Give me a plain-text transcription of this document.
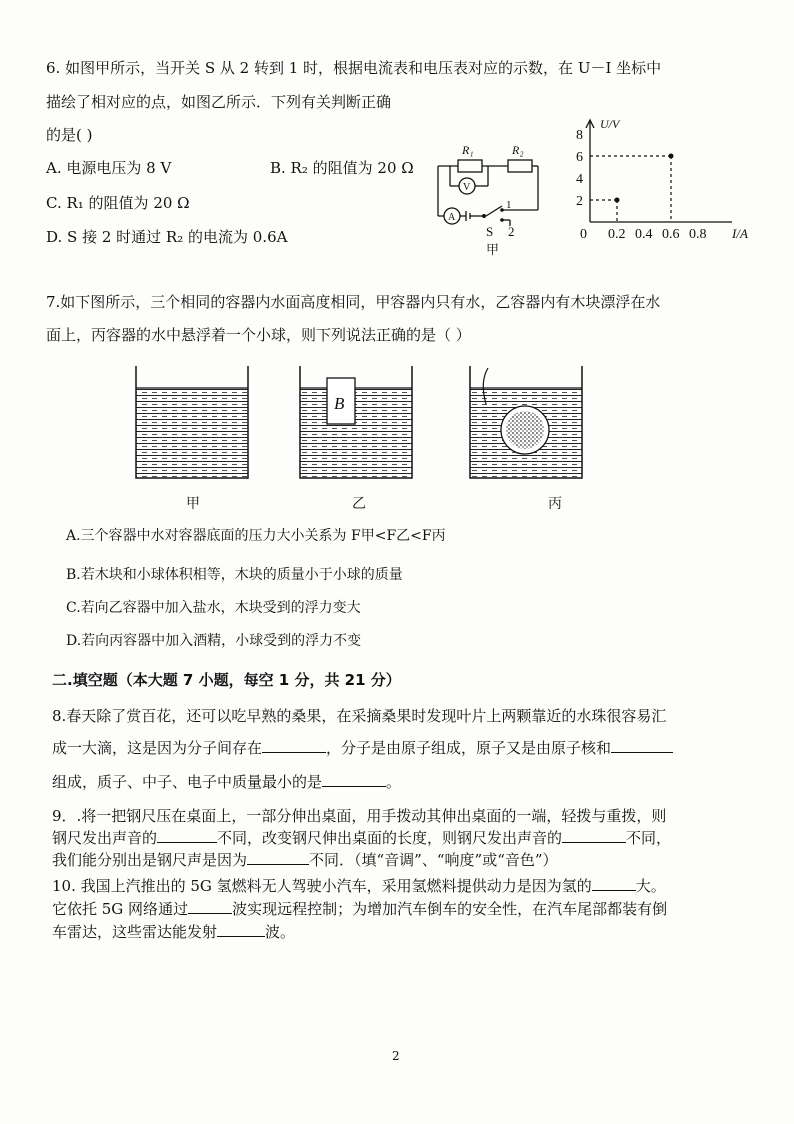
6. 如图甲所示，当开关 S 从 2 转到 1 时，根据电流表和电压表对应的示数，在 U－I 坐标中
描绘了相对应的点，如图乙所示．下列有关判断正确
的是( )
A. 电源电压为 8 V	B. R₂ 的阻值为 20 Ω
C. R₁ 的阻值为 20 Ω
D. S 接 2 时通过 R₂ 的电流为 0.6A
R₁	R₂
V
A
1
S 2
甲
2
4
6
8
0 0.2 0.4 0.6 0.8
U/V
I/A
7.如下图所示，三个相同的容器内水面高度相同，甲容器内只有水，乙容器内有木块漂浮在水
面上，丙容器的水中悬浮着一个小球，则下列说法正确的是（ ）
B
甲	乙	丙
A.三个容器中水对容器底面的压力大小关系为 F甲<F乙<F丙
B.若木块和小球体积相等，木块的质量小于小球的质量
C.若向乙容器中加入盐水，木块受到的浮力变大
D.若向丙容器中加入酒精，小球受到的浮力不变
二.填空题（本大题 7 小题，每空 1 分，共 21 分）
8.春天除了赏百花，还可以吃早熟的桑果，在采摘桑果时发现叶片上两颗靠近的水珠很容易汇
成一大滴，这是因为分子间存在	，分子是由原子组成，原子又是由原子核和
组成，质子、中子、电子中质量最小的是	。
9．.将一把钢尺压在桌面上，一部分伸出桌面，用手拨动其伸出桌面的一端，轻拨与重拨，则
钢尺发出声音的	不同，改变钢尺伸出桌面的长度，则钢尺发出声音的	不同，
我们能分别出是钢尺声是因为	不同．（填“音调”、“响度”或“音色”）
10. 我国上汽推出的 5G 氢燃料无人驾驶小汽车，采用氢燃料提供动力是因为氢的	大。
它依托 5G 网络通过	波实现远程控制；为增加汽车倒车的安全性，在汽车尾部都装有倒
车雷达，这些雷达能发射	波。
2
